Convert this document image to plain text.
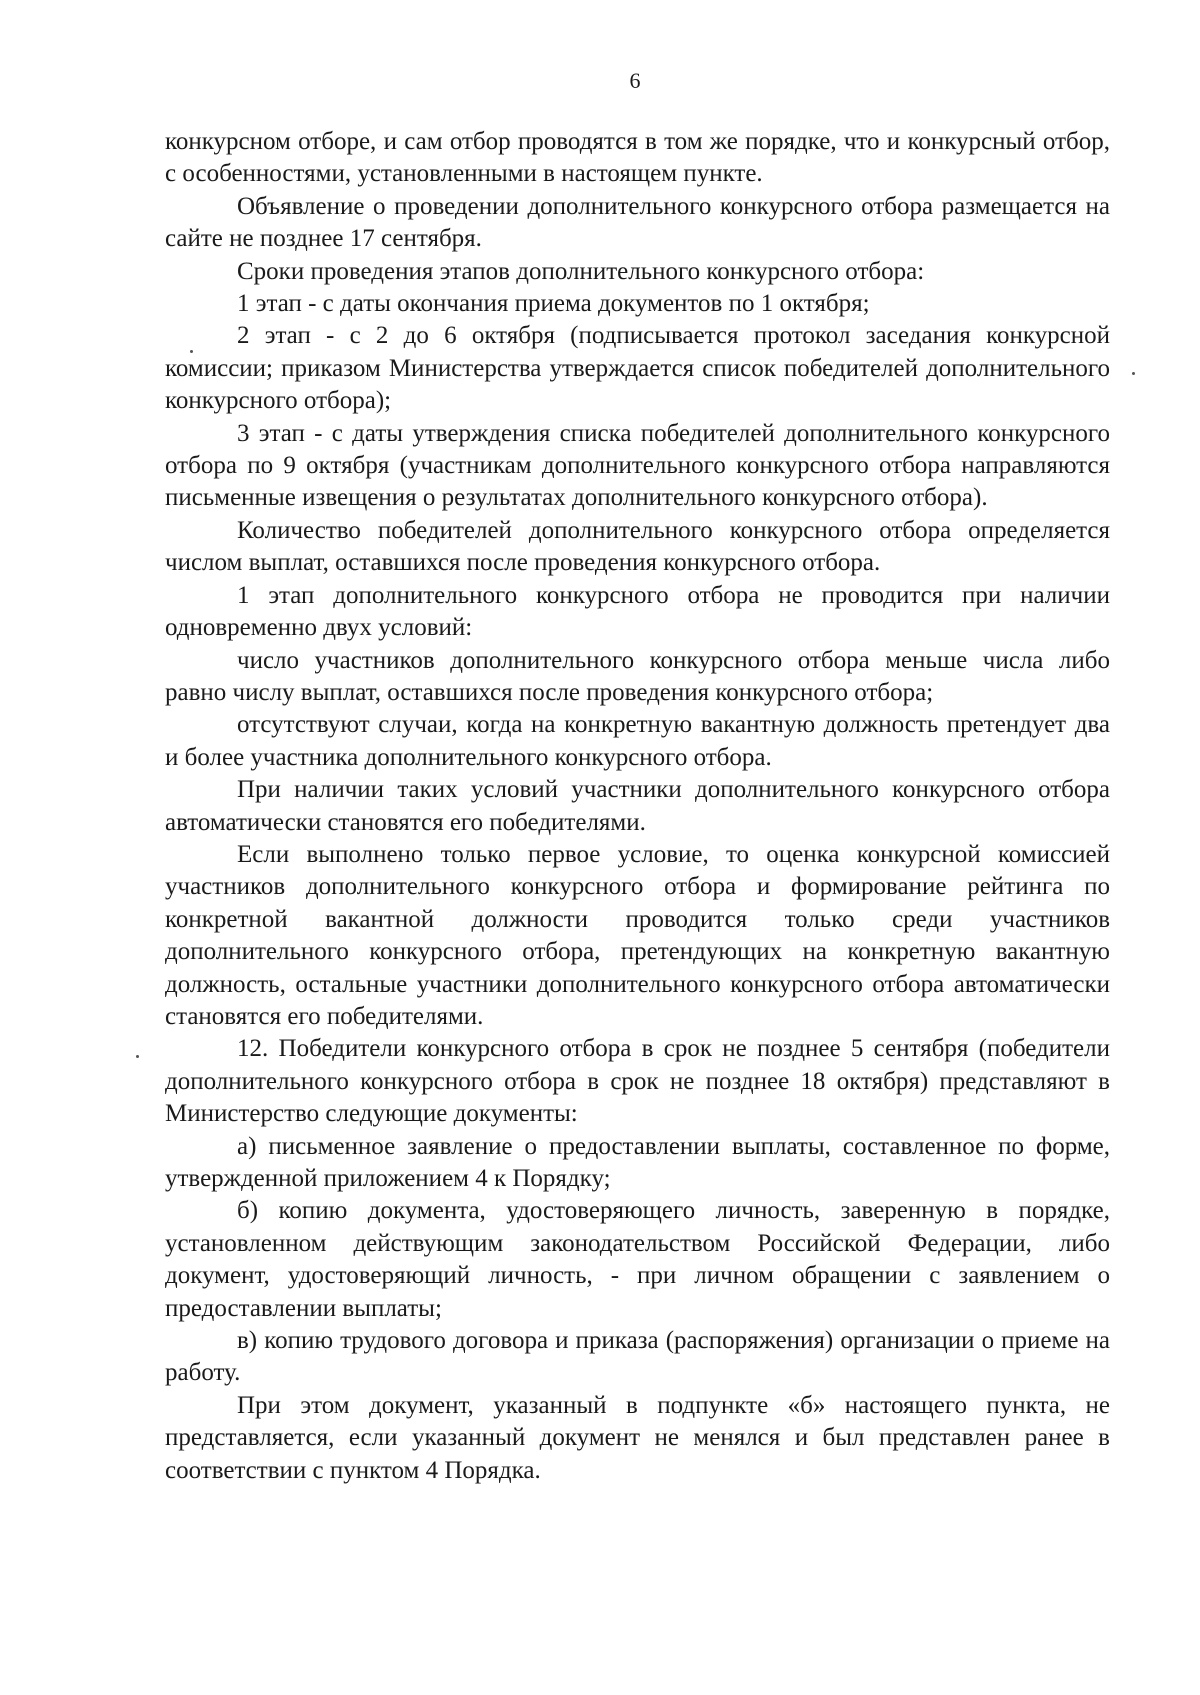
6

конкурсном отборе, и сам отбор проводятся в том же порядке, что и конкурсный отбор, с особенностями, установленными в настоящем пункте.

Объявление о проведении дополнительного конкурсного отбора размещается на сайте не позднее 17 сентября.

Сроки проведения этапов дополнительного конкурсного отбора:

1 этап - с даты окончания приема документов по 1 октября;

2 этап - с 2 до 6 октября (подписывается протокол заседания конкурсной комиссии; приказом Министерства утверждается список победителей дополнительного конкурсного отбора);

3 этап - с даты утверждения списка победителей дополнительного конкурсного отбора по 9 октября (участникам дополнительного конкурсного отбора направляются письменные извещения о результатах дополнительного конкурсного отбора).

Количество победителей дополнительного конкурсного отбора определяется числом выплат, оставшихся после проведения конкурсного отбора.

1 этап дополнительного конкурсного отбора не проводится при наличии одновременно двух условий:

число участников дополнительного конкурсного отбора меньше числа либо равно числу выплат, оставшихся после проведения конкурсного отбора;

отсутствуют случаи, когда на конкретную вакантную должность претендует два и более участника дополнительного конкурсного отбора.

При наличии таких условий участники дополнительного конкурсного отбора автоматически становятся его победителями.

Если выполнено только первое условие, то оценка конкурсной комиссией участников дополнительного конкурсного отбора и формирование рейтинга по конкретной вакантной должности проводится только среди участников дополнительного конкурсного отбора, претендующих на конкретную вакантную должность, остальные участники дополнительного конкурсного отбора автоматически становятся его победителями.

12. Победители конкурсного отбора в срок не позднее 5 сентября (победители дополнительного конкурсного отбора в срок не позднее 18 октября) представляют в Министерство следующие документы:

а) письменное заявление о предоставлении выплаты, составленное по форме, утвержденной приложением 4 к Порядку;

б) копию документа, удостоверяющего личность, заверенную в порядке, установленном действующим законодательством Российской Федерации, либо документ, удостоверяющий личность, - при личном обращении с заявлением о предоставлении выплаты;

в) копию трудового договора и приказа (распоряжения) организации о приеме на работу.

При этом документ, указанный в подпункте «б» настоящего пункта, не представляется, если указанный документ не менялся и был представлен ранее в соответствии с пунктом 4 Порядка.
